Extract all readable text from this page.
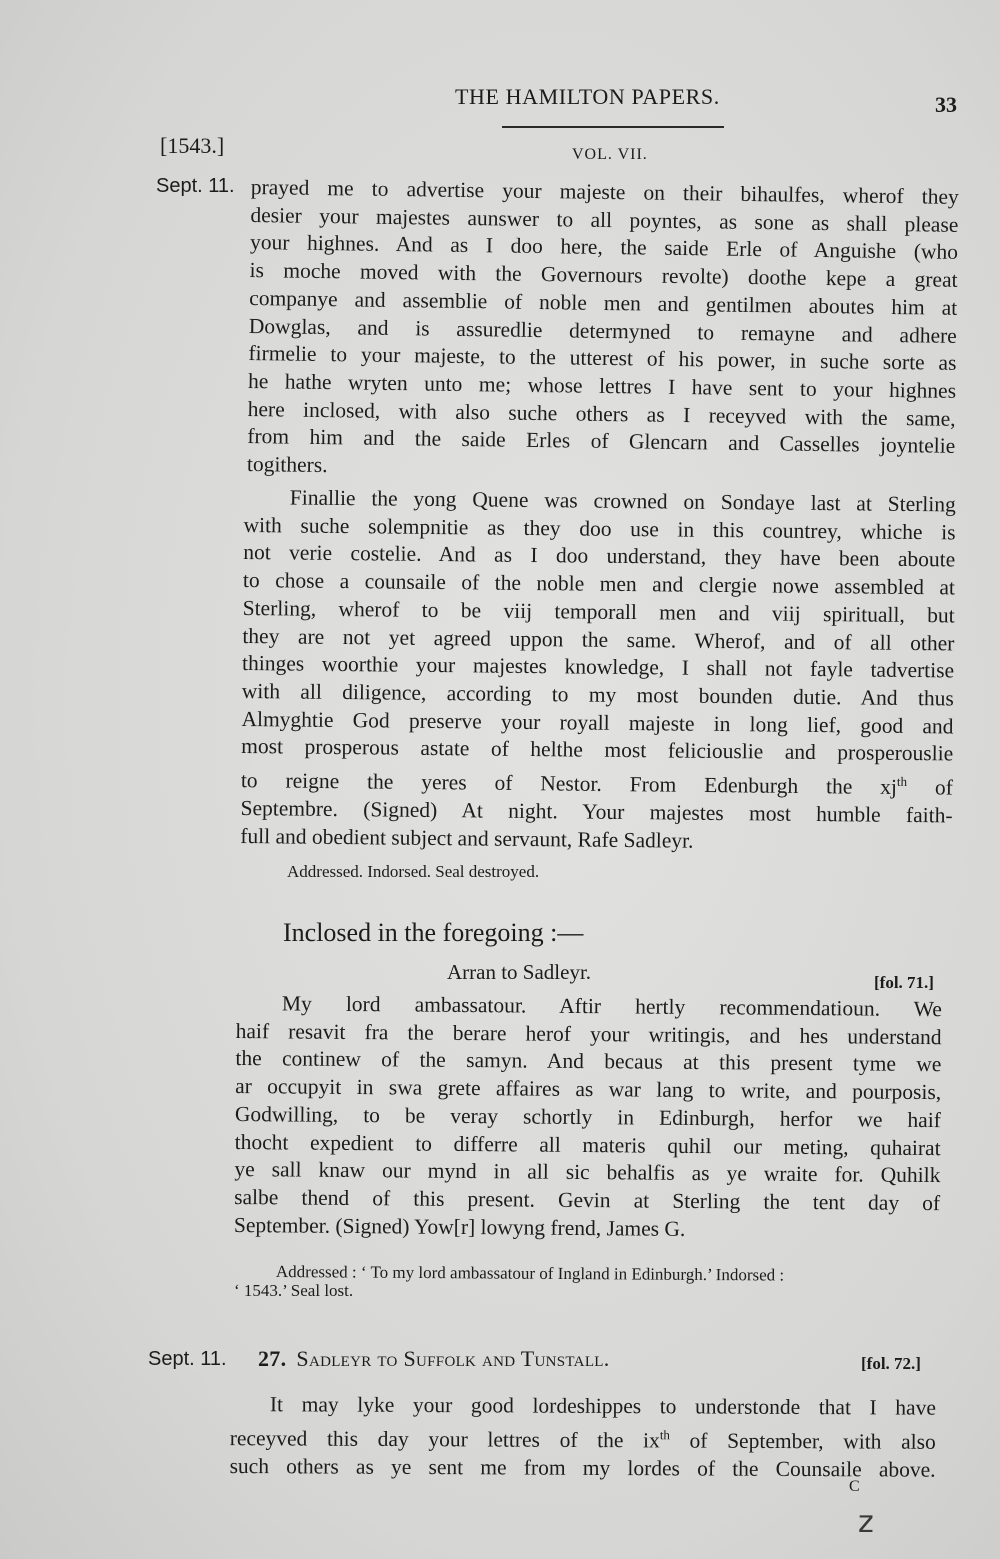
THE HAMILTON PAPERS.	33
[1543.]	VOL. VII.
Sept. 11. prayed me to advertise your majeste on their bihaulfes, wherof they
desier your majestes aunswer to all poyntes, as sone as shall please
your highnes. And as I doo here, the saide Erle of Anguishe (who
is moche moved with the Governours revolte) doothe kepe a great
companye and assemblie of noble men and gentilmen aboutes him at
Dowglas, and is assuredlie determyned to remayne and adhere
firmelie to your majeste, to the utterest of his power, in suche sorte as
he hathe wryten unto me; whose lettres I have sent to your highnes
here inclosed, with also suche others as I receyved with the same,
from him and the saide Erles of Glencarn and Casselles joyntelie
togithers.
Finallie the yong Quene was crowned on Sondaye last at Sterling
with suche solempnitie as they doo use in this countrey, whiche is
not verie costelie. And as I doo understand, they have been aboute
to chose a counsaile of the noble men and clergie nowe assembled at
Sterling, wherof to be viij temporall men and viij spirituall, but
they are not yet agreed uppon the same. Wherof, and of all other
thinges woorthie your majestes knowledge, I shall not fayle tadvertise
with all diligence, according to my most bounden dutie. And thus
Almyghtie God preserve your royall majeste in long lief, good and
most prosperous astate of helthe most feliciouslie and prosperouslie
to reigne the yeres of Nestor. From Edenburgh the $xj^{th}$ of
Septembre. (Signed) At night. Your majestes most humble faith-
full and obedient subject and servaunt, Rafe Sadleyr.
Addressed. Indorsed. Seal destroyed.
Inclosed in the foregoing :—
Arran to Sadleyr.	[fol. 71.]
My lord ambassatour. Aftir hertly recommendatioun. We
haif resavit fra the berare herof your writingis, and hes understand
the continew of the samyn. And becaus at this present tyme we
ar occupyit in swa grete affaires as war lang to write, and pourposis,
Godwilling, to be veray schortly in Edinburgh, herfor we haif
thocht expedient to differre all materis quhil our meting, quhairat
ye sall knaw our mynd in all sic behalfis as ye wraite for. Quhilk
salbe thend of this present. Gevin at Sterling the tent day of
September. (Signed) Yow[r] lowyng frend, James G.
Addressed : ‘ To my lord ambassatour of Ingland in Edinburgh.’ Indorsed :
‘ 1543.’ Seal lost.
Sept. 11. 27. Sadleyr to Suffolk and Tunstall.	[fol. 72.]
It may lyke your good lordeshippes to understonde that I have
receyved this day your lettres of the $ix^{th}$ of September, with also
such others as ye sent me from my lordes of the Counsaile above.
C
z
